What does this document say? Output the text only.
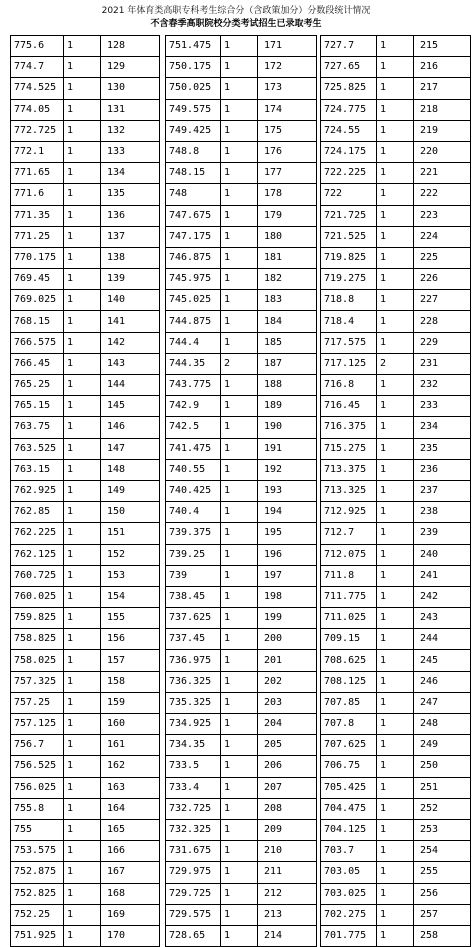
2021 年体育类高职专科考生综合分（含政策加分）分数段统计情况
不含春季高职院校分类考试招生已录取考生
775.6	1	128
774.7	1	129
774.525	1	130
774.05	1	131
772.725	1	132
772.1	1	133
771.65	1	134
771.6	1	135
771.35	1	136
771.25	1	137
770.175	1	138
769.45	1	139
769.025	1	140
768.15	1	141
766.575	1	142
766.45	1	143
765.25	1	144
765.15	1	145
763.75	1	146
763.525	1	147
763.15	1	148
762.925	1	149
762.85	1	150
762.225	1	151
762.125	1	152
760.725	1	153
760.025	1	154
759.825	1	155
758.825	1	156
758.025	1	157
757.325	1	158
757.25	1	159
757.125	1	160
756.7	1	161
756.525	1	162
756.025	1	163
755.8	1	164
755	1	165
753.575	1	166
752.875	1	167
752.825	1	168
752.25	1	169
751.925	1	170
751.475	1	171
750.175	1	172
750.025	1	173
749.575	1	174
749.425	1	175
748.8	1	176
748.15	1	177
748	1	178
747.675	1	179
747.175	1	180
746.875	1	181
745.975	1	182
745.025	1	183
744.875	1	184
744.4	1	185
744.35	2	187
743.775	1	188
742.9	1	189
742.5	1	190
741.475	1	191
740.55	1	192
740.425	1	193
740.4	1	194
739.375	1	195
739.25	1	196
739	1	197
738.45	1	198
737.625	1	199
737.45	1	200
736.975	1	201
736.325	1	202
735.325	1	203
734.925	1	204
734.35	1	205
733.5	1	206
733.4	1	207
732.725	1	208
732.325	1	209
731.675	1	210
729.975	1	211
729.725	1	212
729.575	1	213
728.65	1	214
727.7	1	215
727.65	1	216
725.825	1	217
724.775	1	218
724.55	1	219
724.175	1	220
722.225	1	221
722	1	222
721.725	1	223
721.525	1	224
719.825	1	225
719.275	1	226
718.8	1	227
718.4	1	228
717.575	1	229
717.125	2	231
716.8	1	232
716.45	1	233
716.375	1	234
715.275	1	235
713.375	1	236
713.325	1	237
712.925	1	238
712.7	1	239
712.075	1	240
711.8	1	241
711.775	1	242
711.025	1	243
709.15	1	244
708.625	1	245
708.125	1	246
707.85	1	247
707.8	1	248
707.625	1	249
706.75	1	250
705.425	1	251
704.475	1	252
704.125	1	253
703.7	1	254
703.05	1	255
703.025	1	256
702.275	1	257
701.775	1	258
